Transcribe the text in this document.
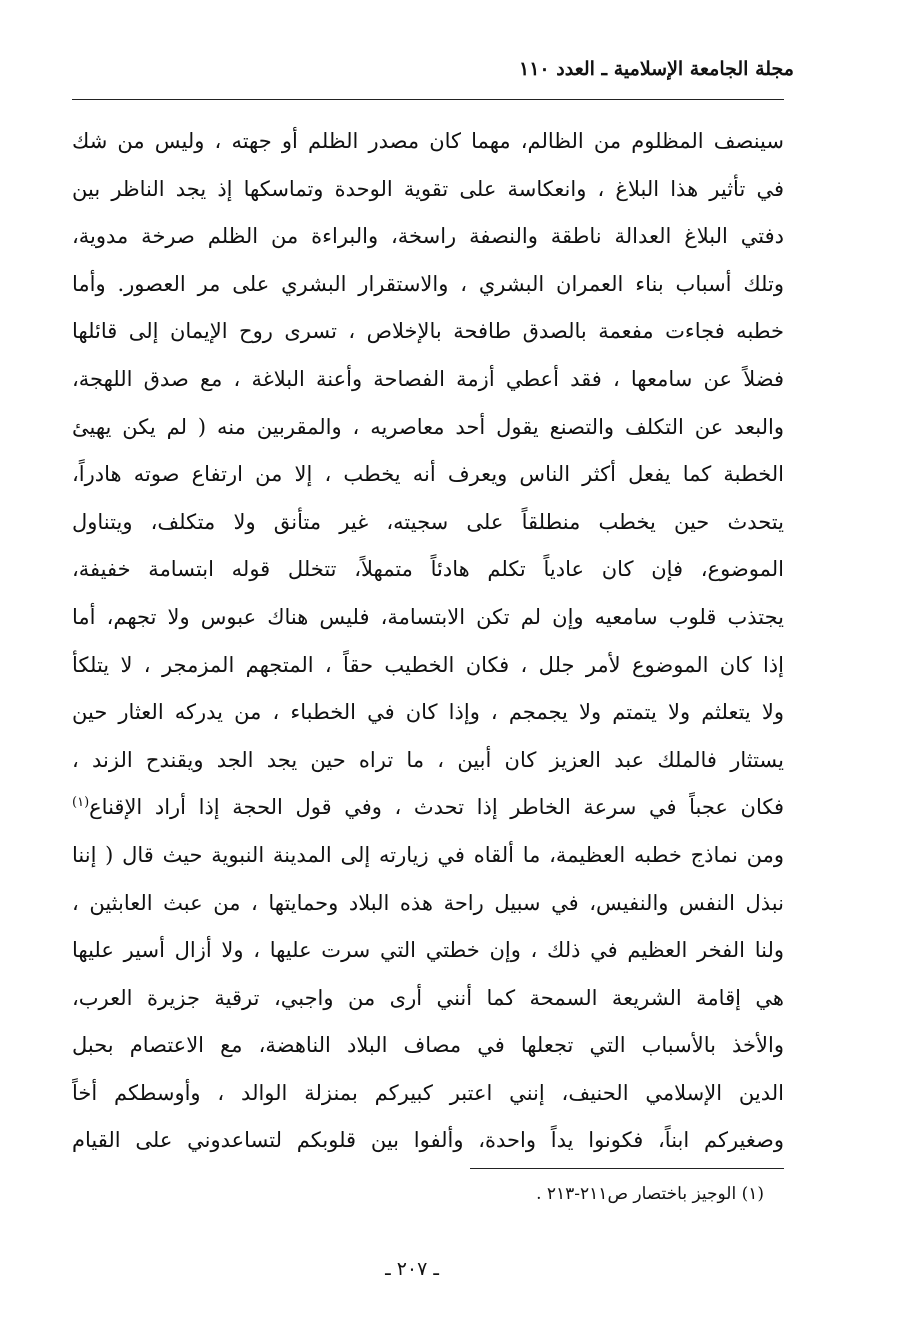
مجلة الجامعة الإسلامية ـ العدد ١١٠
سينصف المظلوم من الظالم، مهما كان مصدر الظلم أو جهته ، وليس من شك
في تأثير هذا البلاغ ، وانعكاسة على تقوية الوحدة وتماسكها إذ يجد الناظر بين
دفتي البلاغ العدالة ناطقة والنصفة راسخة، والبراءة من الظلم صرخة مدوية،
وتلك أسباب بناء العمران البشري ، والاستقرار البشري على مر العصور. وأما
خطبه فجاءت مفعمة بالصدق طافحة بالإخلاص ، تسرى روح الإيمان إلى قائلها
فضلاً عن سامعها ، فقد أعطي أزمة الفصاحة وأعنة البلاغة ، مع صدق اللهجة،
والبعد عن التكلف والتصنع يقول أحد معاصريه ، والمقربين منه ( لم يكن يهيئ
الخطبة كما يفعل أكثر الناس ويعرف أنه يخطب ، إلا من ارتفاع صوته هادراً،
يتحدث حين يخطب منطلقاً على سجيته، غير متأنق ولا متكلف، ويتناول
الموضوع، فإن كان عادياً تكلم هادئاً متمهلاً، تتخلل قوله ابتسامة خفيفة،
يجتذب قلوب سامعيه وإن لم تكن الابتسامة، فليس هناك عبوس ولا تجهم، أما
إذا كان الموضوع لأمر جلل ، فكان الخطيب حقاً ، المتجهم المزمجر ، لا يتلكأ
ولا يتعلثم ولا يتمتم ولا يجمجم ، وإذا كان في الخطباء ، من يدركه العثار حين
يستثار فالملك عبد العزيز كان أبين ، ما تراه حين يجد الجد ويقندح الزند ،
فكان عجباً في سرعة الخاطر إذا تحدث ، وفي قول الحجة إذا أراد الإقناع$^{(١)}$
ومن نماذج خطبه العظيمة، ما ألقاه في زيارته إلى المدينة النبوية حيث قال ( إننا
نبذل النفس والنفيس، في سبيل راحة هذه البلاد وحمايتها ، من عبث العابثين ،
ولنا الفخر العظيم في ذلك ، وإن خطتي التي سرت عليها ، ولا أزال أسير عليها
هي إقامة الشريعة السمحة كما أنني أرى من واجبي، ترقية جزيرة العرب،
والأخذ بالأسباب التي تجعلها في مصاف البلاد الناهضة، مع الاعتصام بحبل
الدين الإسلامي الحنيف، إنني اعتبر كبيركم بمنزلة الوالد ، وأوسطكم أخاً
وصغيركم ابناً، فكونوا يداً واحدة، وألفوا بين قلوبكم لتساعدوني على القيام
(١) الوجيز باختصار ص٢١١-٢١٣ .
ـ ٢٠٧ ـ
